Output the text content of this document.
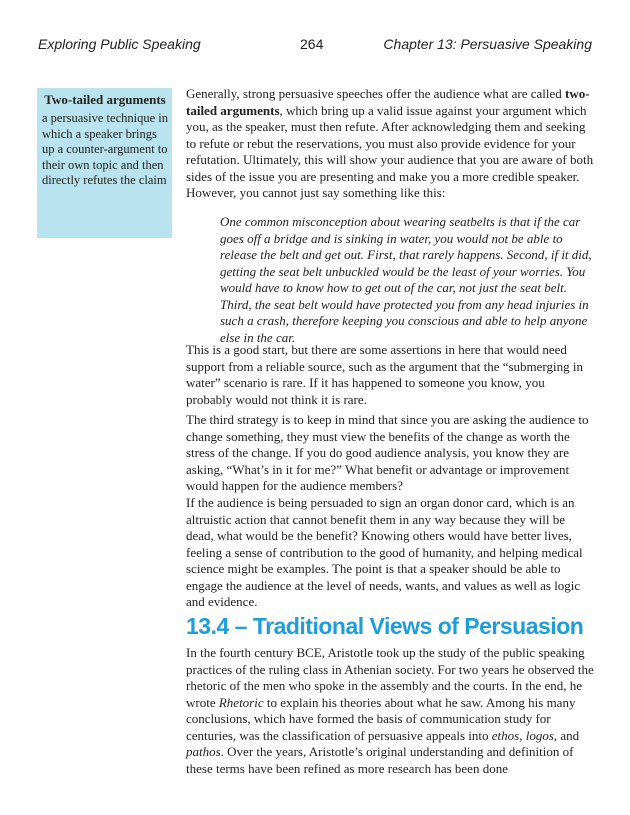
Exploring Public Speaking	264	Chapter 13: Persuasive Speaking
Two-tailed arguments
a persuasive technique in which a speaker brings up a counter-argument to their own topic and then directly refutes the claim

Generally, strong persuasive speeches offer the audience what are called two-tailed arguments, which bring up a valid issue against your argument which you, as the speaker, must then refute. After acknowledging them and seeking to refute or rebut the reservations, you must also provide evidence for your refutation. Ultimately, this will show your audience that you are aware of both sides of the issue you are presenting and make you a more credible speaker. However, you cannot just say something like this:

One common misconception about wearing seatbelts is that if the car goes off a bridge and is sinking in water, you would not be able to release the belt and get out. First, that rarely happens. Second, if it did, getting the seat belt unbuckled would be the least of your worries. You would have to know how to get out of the car, not just the seat belt. Third, the seat belt would have protected you from any head injuries in such a crash, therefore keeping you conscious and able to help anyone else in the car.

This is a good start, but there are some assertions in here that would need support from a reliable source, such as the argument that the “submerging in water” scenario is rare. If it has happened to someone you know, you probably would not think it is rare.

The third strategy is to keep in mind that since you are asking the audience to change something, they must view the benefits of the change as worth the stress of the change. If you do good audience analysis, you know they are asking, “What’s in it for me?” What benefit or advantage or improvement would happen for the audience members?

If the audience is being persuaded to sign an organ donor card, which is an altruistic action that cannot benefit them in any way because they will be dead, what would be the benefit? Knowing others would have better lives, feeling a sense of contribution to the good of humanity, and helping medical science might be examples. The point is that a speaker should be able to engage the audience at the level of needs, wants, and values as well as logic and evidence.

13.4 – Traditional Views of Persuasion

In the fourth century BCE, Aristotle took up the study of the public speaking practices of the ruling class in Athenian society. For two years he observed the rhetoric of the men who spoke in the assembly and the courts. In the end, he wrote Rhetoric to explain his theories about what he saw. Among his many conclusions, which have formed the basis of communication study for centuries, was the classification of persuasive appeals into ethos, logos, and pathos. Over the years, Aristotle’s original understanding and definition of these terms have been refined as more research has been done
